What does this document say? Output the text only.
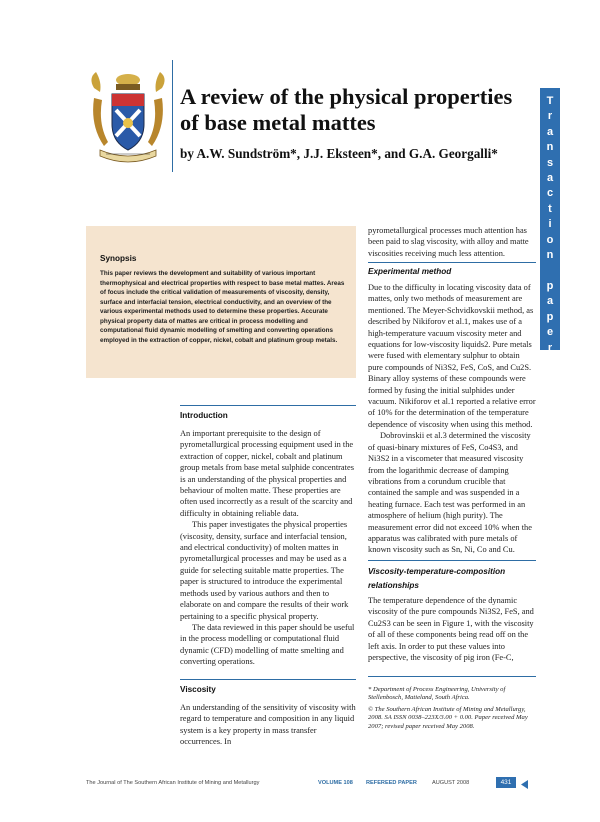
A review of the physical properties of base metal mattes
by A.W. Sundström*, J.J. Eksteen*, and G.A. Georgalli*
T
r
a
n
s
a
c
t
i
o
n

p
a
p
e
r

Synopsis
This paper reviews the development and suitability of various important thermophysical and electrical properties with respect to base metal mattes. Areas of focus include the critical validation of measurements of viscosity, density, surface and interfacial tension, electrical conductivity, and an overview of the various experimental methods used to determine these properties. Accurate physical property data of mattes are critical in process modelling and computational fluid dynamic modelling of smelting and converting operations employed in the extraction of copper, nickel, cobalt and platinum group metals.
Introduction

An important prerequisite to the design of pyrometallurgical processing equipment used in the extraction of copper, nickel, cobalt and platinum group metals from base metal sulphide concentrates is an understanding of the physical properties and behaviour of molten matte. These properties are often used incorrectly as a result of the scarcity and difficulty in obtaining reliable data.

This paper investigates the physical properties (viscosity, density, surface and interfacial tension, and electrical conductivity) of molten mattes in pyrometallurgical processes and may be used as a guide for selecting suitable matte properties. The paper is structured to introduce the experimental methods used by various authors and then to elaborate on and compare the results of their work pertaining to a specific physical property.

The data reviewed in this paper should be useful in the process modelling or computational fluid dynamic (CFD) modelling of matte smelting and converting operations.

Viscosity

An understanding of the sensitivity of viscosity with regard to temperature and composition in any liquid system is a key property in mass transfer occurrences. In

pyrometallurgical processes much attention has been paid to slag viscosity, with alloy and matte viscosities receiving much less attention.

Experimental method

Due to the difficulty in locating viscosity data of mattes, only two methods of measurement are mentioned. The Meyer-Schvidkovskii method, as described by Nikiforov et al.1, makes use of a high-temperature vacuum viscosity meter and equations for low-viscosity liquids2. Pure metals were fused with elementary sulphur to obtain pure compounds of Ni3S2, FeS, CoS, and Cu2S. Binary alloy systems of these compounds were formed by fusing the initial sulphides under vacuum. Nikiforov et al.1 reported a relative error of 10% for the determination of the temperature dependence of viscosity when using this method.

Dobrovinskii et al.3 determined the viscosity of quasi-binary mixtures of FeS, Co4S3, and Ni3S2 in a viscometer that measured viscosity from the logarithmic decrease of damping vibrations from a corundum crucible that contained the sample and was suspended in a heating furnace. Each test was performed in an atmosphere of helium (high purity). The measurement error did not exceed 10% when the apparatus was calibrated with pure metals of known viscosity such as Sn, Ni, Co and Cu.

Viscosity-temperature-composition
relationships

The temperature dependence of the dynamic viscosity of the pure compounds Ni3S2, FeS, and Cu2S3 can be seen in Figure 1, with the viscosity of all of these components being read off on the left axis. In order to put these values into perspective, the viscosity of pig iron (Fe-C,

* Department of Process Engineering, University of Stellenbosch, Matieland, South Africa.
© The Southern African Institute of Mining and Metallurgy, 2008. SA ISSN 0038–223X/3.00 + 0.00. Paper received May 2007; revised paper received May 2008.
The Journal of The Southern African Institute of Mining and Metallurgy	VOLUME 108 REFEREED PAPER	AUGUST 2008	431
